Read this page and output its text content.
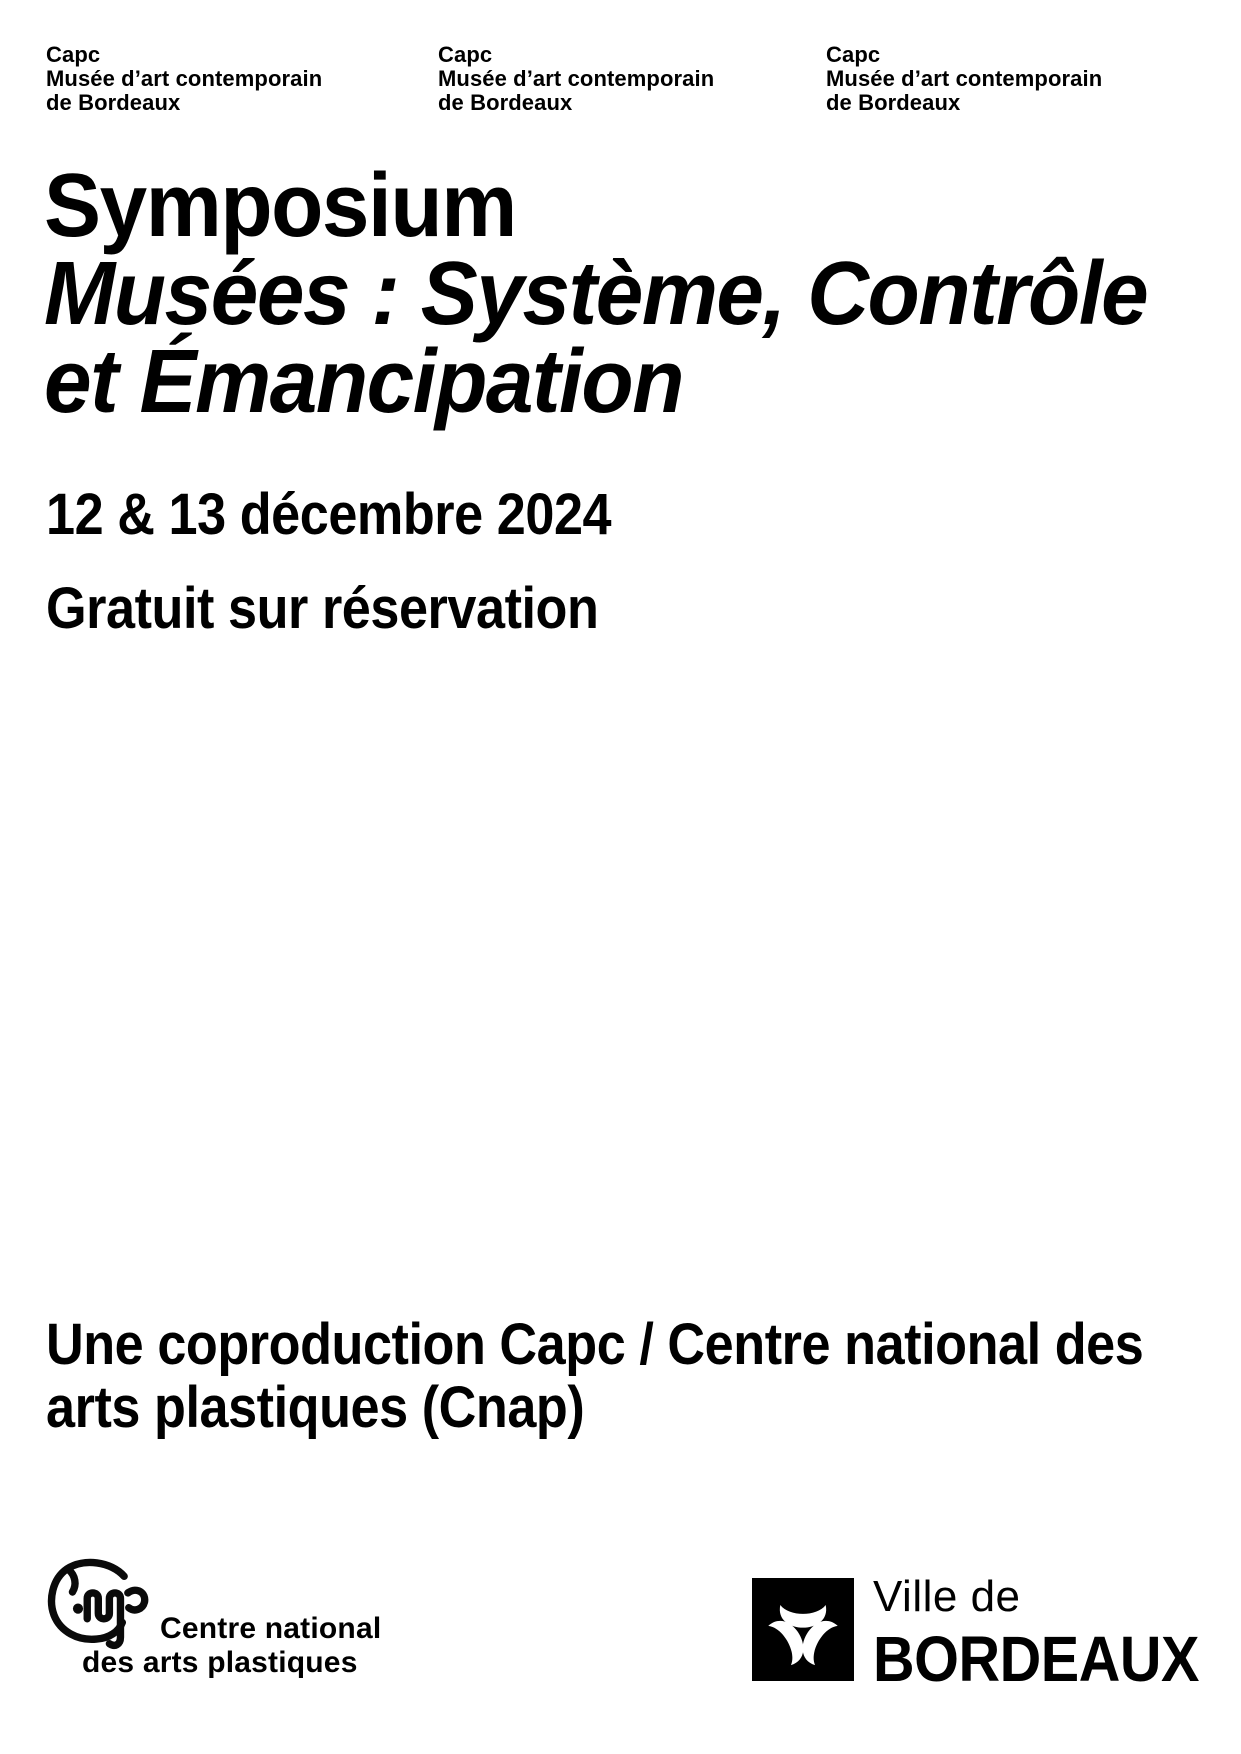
Capc
Musée d’art contemporain
de Bordeaux
Capc
Musée d’art contemporain
de Bordeaux
Capc
Musée d’art contemporain
de Bordeaux
Symposium
Musées : Système, Contrôle
et Émancipation

12 & 13 décembre 2024

Gratuit sur réservation

Une coproduction Capc / Centre national des
arts plastiques (Cnap)
Centre national
des arts plastiques
Ville de
BORDEAUX
